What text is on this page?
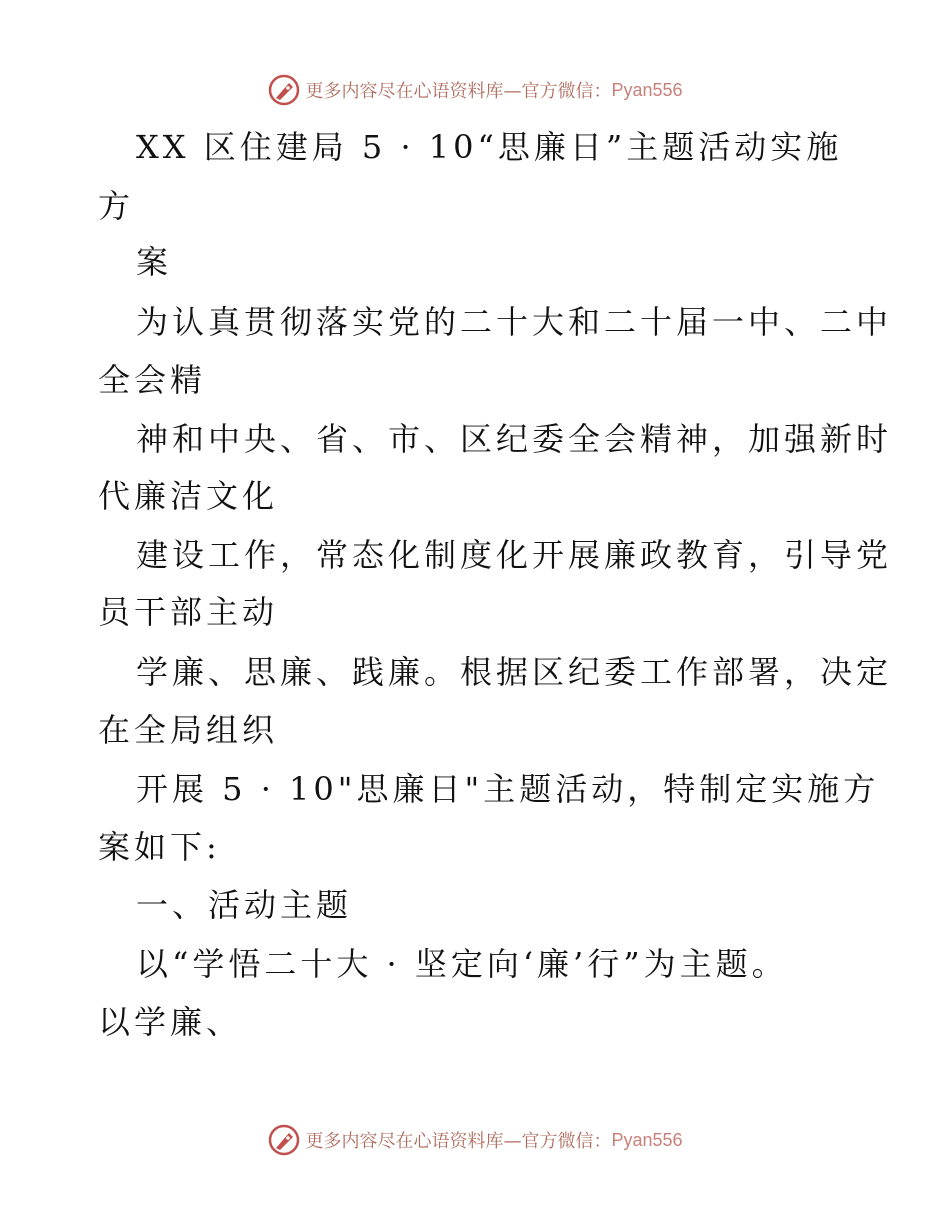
更多内容尽在心语资料库—官方微信： Pyan556
XX 区住建局 5 · 10“思廉日”主题活动实施
方
案
为认真贯彻落实党的二十大和二十届一中、二中
全会精
神和中央、省、市、区纪委全会精神，加强新时
代廉洁文化
建设工作，常态化制度化开展廉政教育，引导党
员干部主动
学廉、思廉、践廉。根据区纪委工作部署，决定
在全局组织
开展 5 · 10"思廉日"主题活动，特制定实施方
案如下:
一、活动主题
以“学悟二十大 · 坚定向‘廉’行”为主题。
以学廉、
更多内容尽在心语资料库—官方微信： Pyan556
